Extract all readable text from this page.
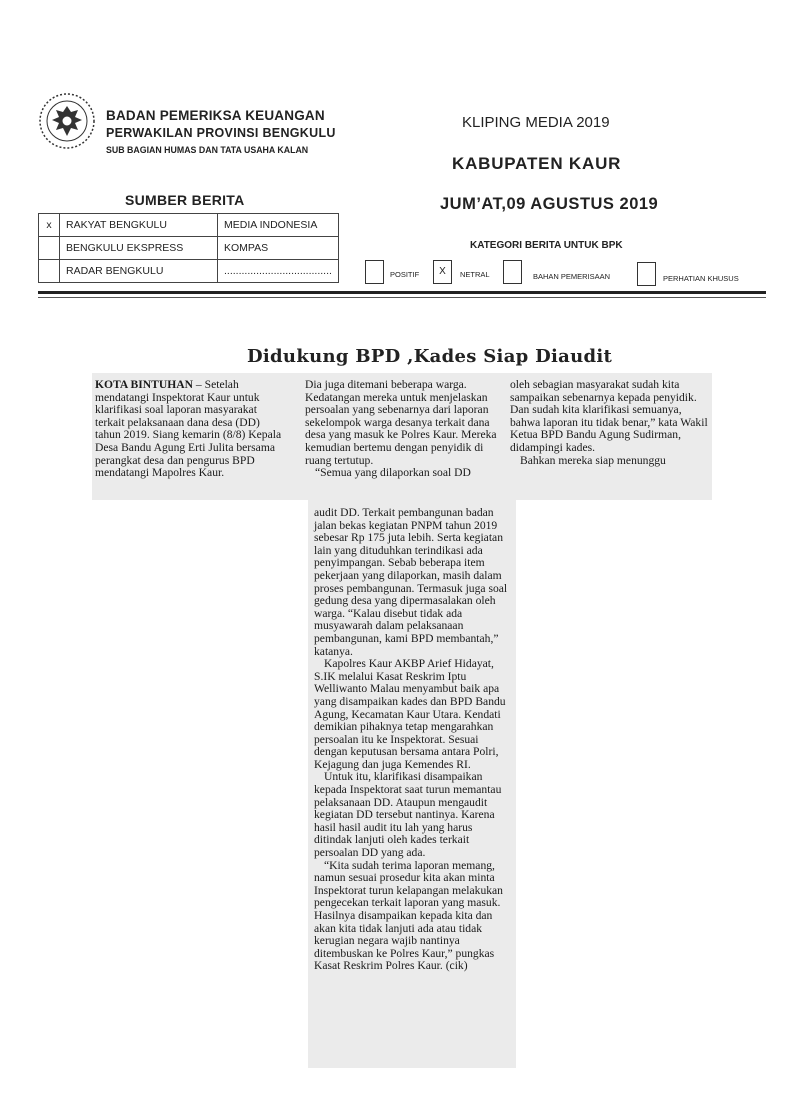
BADAN PEMERIKSA KEUANGAN
PERWAKILAN PROVINSI BENGKULU
SUB BAGIAN HUMAS DAN TATA USAHA KALAN
KLIPING MEDIA 2019
KABUPATEN KAUR
JUM’AT,09 AGUSTUS 2019
SUMBER BERITA
x	RAKYAT BENGKULU	MEDIA INDONESIA
	BENGKULU EKSPRESS	KOMPAS
	RADAR BENGKULU	.....................................
KATEGORI BERITA UNTUK BPK
POSITIF	X	NETRAL	BAHAN PEMERISAAN	PERHATIAN KHUSUS
Didukung BPD ,Kades Siap Diaudit

KOTA BINTUHAN – Setelah mendatangi Inspektorat Kaur untuk klarifikasi soal laporan masyarakat terkait pelaksanaan dana desa (DD) tahun 2019. Siang kemarin (8/8) Kepala Desa Bandu Agung Erti Julita bersama perangkat desa dan pengurus BPD mendatangi Mapolres Kaur.

Dia juga ditemani beberapa warga. Kedatangan mereka untuk menjelaskan persoalan yang sebenarnya dari laporan sekelompok warga desanya terkait dana desa yang masuk ke Polres Kaur. Mereka kemudian bertemu dengan penyidik di ruang tertutup.

“Semua yang dilaporkan soal DD

oleh sebagian masyarakat sudah kita sampaikan sebenarnya kepada penyidik. Dan sudah kita klarifikasi semuanya, bahwa laporan itu tidak benar,” kata Wakil Ketua BPD Bandu Agung Sudirman, didampingi kades.

Bahkan mereka siap menunggu

audit DD. Terkait pembangunan badan jalan bekas kegiatan PNPM tahun 2019 sebesar Rp 175 juta lebih. Serta kegiatan lain yang dituduhkan terindikasi ada penyimpangan. Sebab beberapa item pekerjaan yang dilaporkan, masih dalam proses pembangunan. Termasuk juga soal gedung desa yang dipermasalakan oleh warga. “Kalau disebut tidak ada musyawarah dalam pelaksanaan pembangunan, kami BPD membantah,” katanya.

Kapolres Kaur AKBP Arief Hidayat, S.IK melalui Kasat Reskrim Iptu Welliwanto Malau menyambut baik apa yang disampaikan kades dan BPD Bandu Agung, Kecamatan Kaur Utara. Kendati demikian pihaknya tetap mengarahkan persoalan itu ke Inspektorat. Sesuai dengan keputusan bersama antara Polri, Kejagung dan juga Kemendes RI.

Untuk itu, klarifikasi disampaikan kepada Inspektorat saat turun memantau pelaksanaan DD. Ataupun mengaudit kegiatan DD tersebut nantinya. Karena hasil hasil audit itu lah yang harus ditindak lanjuti oleh kades terkait persoalan DD yang ada.

“Kita sudah terima laporan memang, namun sesuai prosedur kita akan minta Inspektorat turun kelapangan melakukan pengecekan terkait laporan yang masuk. Hasilnya disampaikan kepada kita dan akan kita tidak lanjuti ada atau tidak kerugian negara wajib nantinya ditembuskan ke Polres Kaur,” pungkas Kasat Reskrim Polres Kaur. (cik)
